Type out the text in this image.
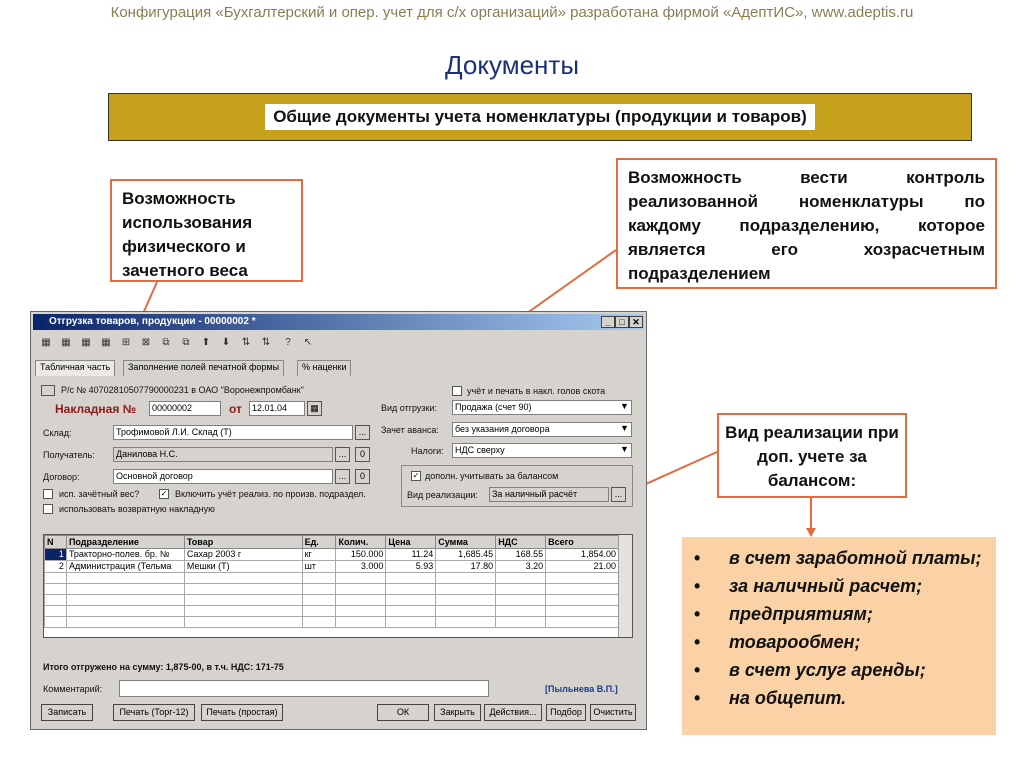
Конфигурация «Бухгалтерский и опер. учет для с/х организаций» разработана фирмой «АдептИС», www.adeptis.ru
Документы
Общие документы учета номенклатуры (продукции и товаров)
Возможность использования физического и зачетного веса
Возможность вести контроль реализованной номенклатуры по каждому подразделению, которое является его хозрасчетным подразделением
Вид реализации при доп. учете за балансом:
•	в счет заработной платы;
•	за наличный расчет;
•	предприятиям;
•	товарообмен;
•	в счет услуг аренды;
•	на общепит.
Отгрузка товаров, продукции - 00000002 *	_ □ ✕
▦ ▦ ▦ ▦ ⊞ ⊠	⧉	⧉	⬆ ⬇ ⇅ ⇅	?	↖
Табличная часть	Заполнение полей печатной формы	% наценки
Р/с № 40702810507790000231 в ОАО "Воронежпромбанк"
Накладная №	00000002	от	12.01.04	▦
Склад:	Трофимовой Л.И. Склад (Т)	...
Получатель:	Данилова Н.С.	...	0
Договор:	Основной договор	...	0
учёт и печать в накл. голов скота
Вид отгрузки:	Продажа (счет 90)	▼
Зачет аванса:	без указания договора	▼
Налоги:	НДС сверху	▼
✓ дополн. учитывать за балансом
Вид реализации:	За наличный расчёт	...
исп. зачётный вес?	✓ Включить учёт реализ. по произв. подраздел.
использовать возвратную накладную
N	Подразделение	Товар	Ед.	Колич.	Цена	Сумма	НДС	Всего
1	Тракторно-полев. бр. №	Сахар 2003 г	кг	150.000	11.24	1,685.45	168.55	1,854.00
2	Администрация (Тельма	Мешки (Т)	шт	3.000	5.93	17.80	3.20	21.00

Итого отгружено на сумму: 1,875-00, в т.ч. НДС: 171-75
Комментарий:	[Пыльнева В.П.]
Записать	Печать (Торг-12)	Печать (простая)	ОК	Закрыть	Действия...	Подбор	Очистить
